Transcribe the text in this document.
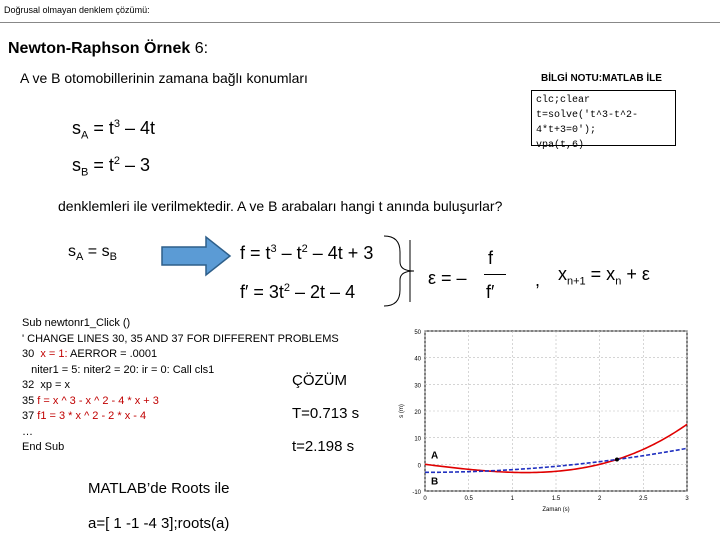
Doğrusal olmayan denklem çözümü:
Newton-Raphson Örnek 6:
A ve B otomobillerinin zamana bağlı konumları	BİLGİ NOTU:MATLAB İLE
clc;clear
t=solve('t^3-t^2-4*t+3=0');
vpa(t,6)
$s_A = t^3 - 4t$
$s_B = t^2 - 3$
denklemleri ile verilmektedir. A ve B arabaları hangi t anında buluşurlar?
$s_A = s_B$	$f = t^3 - t^2 - 4t + 3$
$f' = 3t^2 - 2t - 4$
ε = –
f
f′
, $x_{n+1} = x_n + \varepsilon$
Sub newtonr1_Click ()
' CHANGE LINES 30, 35 AND 37 FOR DIFFERENT PROBLEMS
30  x = 1: AERROR = .0001
niter1 = 5: niter2 = 20: ir = 0: Call cls1
32  xp = x
35 f = x ^ 3 - x ^ 2 - 4 * x + 3
37 f1 = 3 * x ^ 2 - 2 * x - 4
…
End Sub
ÇÖZÜM
T=0.713 s
t=2.198 s
MATLAB’de Roots ile
a=[ 1 -1 -4 3];roots(a)
-10
0
10
20
30
40
50
0	0.5	1	1.5	2	2.5	3
A
B
Zaman (s)
s (m)
